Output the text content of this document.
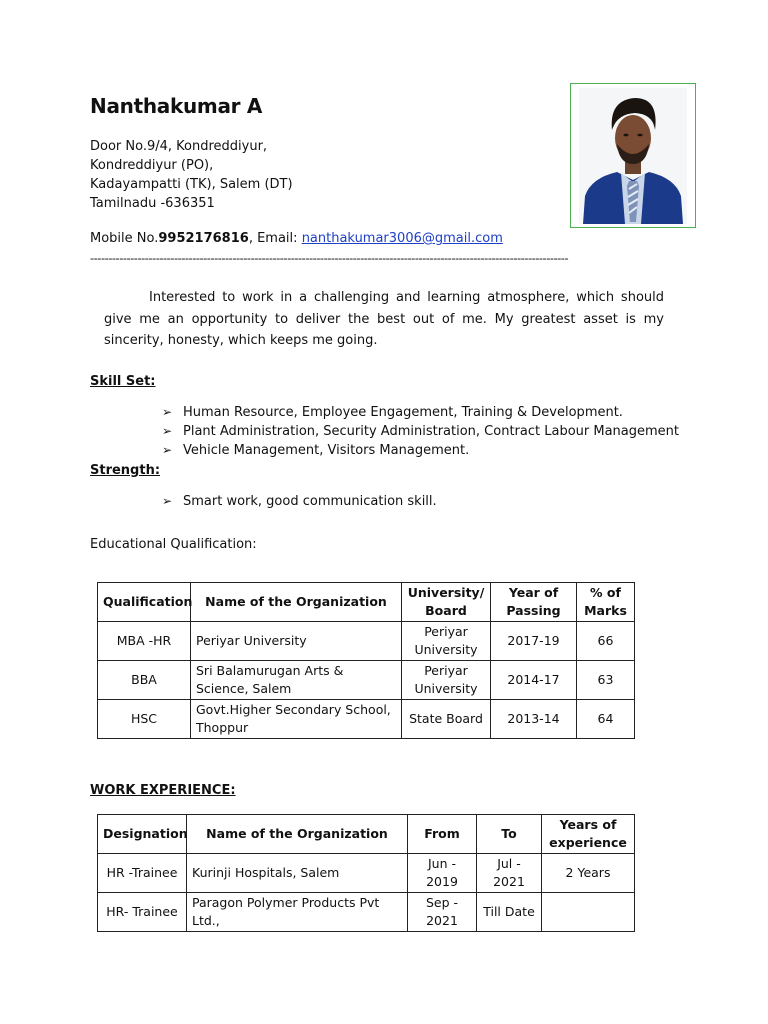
Nanthakumar A
Door No.9/4, Kondreddiyur,
Kondreddiyur (PO),
Kadayampatti (TK), Salem (DT)
Tamilnadu -636351
Mobile No.9952176816, Email: nanthakumar3006@gmail.com
-----------------------------------------------------------------------------------------------------------------------------------
Interested to work in a challenging and learning atmosphere, which should give me an opportunity to deliver the best out of me. My greatest asset is my sincerity, honesty, which keeps me going.
Skill Set:
➢ Human Resource, Employee Engagement, Training & Development.
➢ Plant Administration, Security Administration, Contract Labour Management
➢ Vehicle Management, Visitors Management.
Strength:
➢ Smart work, good communication skill.
Educational Qualification:
Qualification	Name of the Organization	University/ Board	Year of Passing	% of Marks
MBA -HR	Periyar University	Periyar University	2017-19	66
BBA	Sri Balamurugan Arts & Science, Salem	Periyar University	2014-17	63
HSC	Govt.Higher Secondary School, Thoppur	State Board	2013-14	64
WORK EXPERIENCE:
Designation	Name of the Organization	From	To	Years of experience
HR -Trainee	Kurinji Hospitals, Salem	Jun - 2019	Jul - 2021	2 Years
HR- Trainee	Paragon Polymer Products Pvt Ltd.,	Sep - 2021	Till Date	
